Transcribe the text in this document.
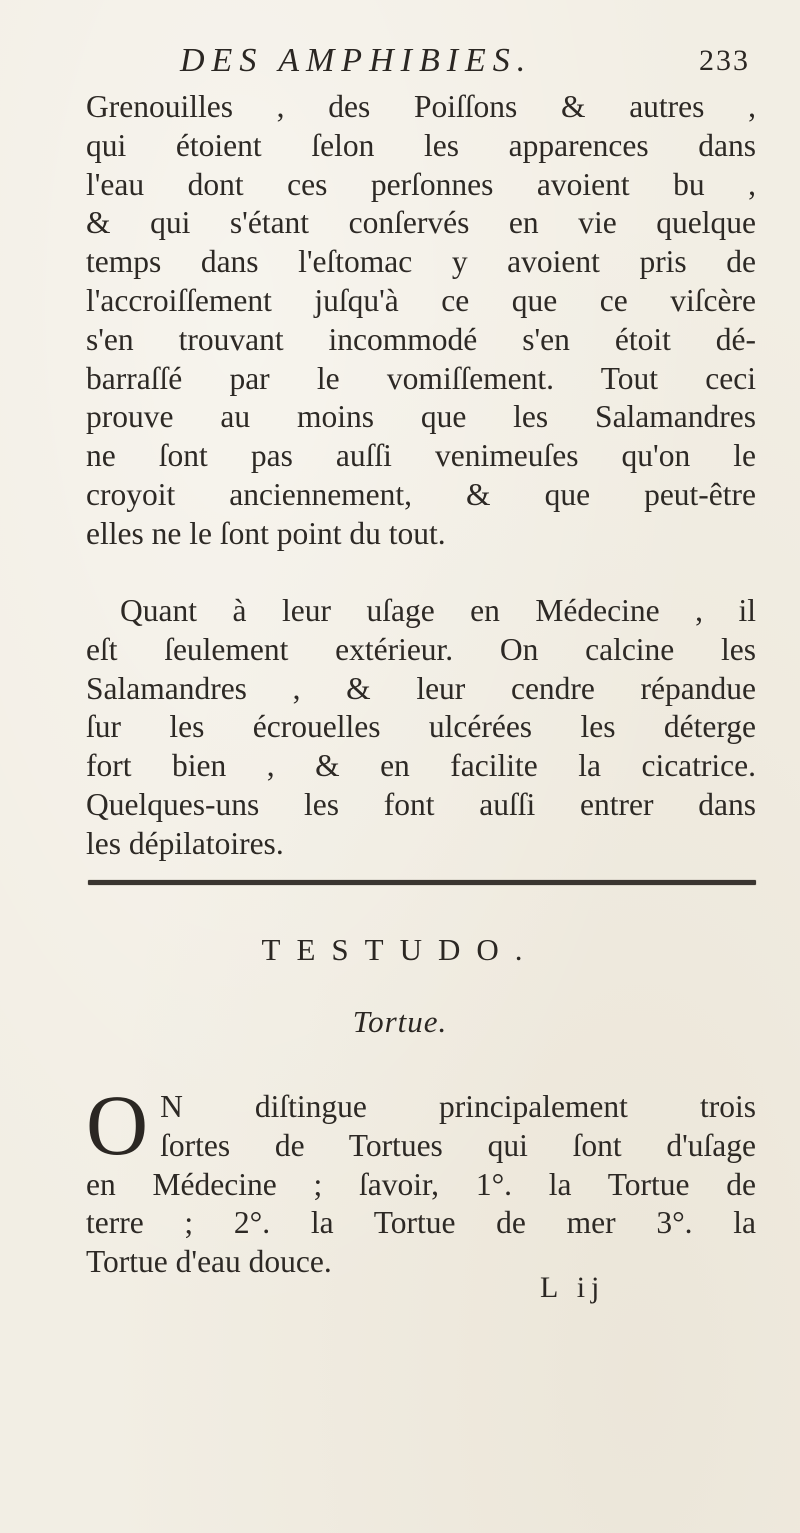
DES AMPHIBIES.	233
Grenouilles , des Poiſſons & autres ,
qui étoient ſelon les apparences dans
l'eau dont ces perſonnes avoient bu ,
& qui s'étant conſervés en vie quelque
temps dans l'eſtomac y avoient pris de
l'accroiſſement juſqu'à ce que ce viſcère
s'en trouvant incommodé s'en étoit dé-
barraſſé par le vomiſſement. Tout ceci
prouve au moins que les Salamandres
ne ſont pas auſſi venimeuſes qu'on le
croyoit anciennement, & que peut-être
elles ne le ſont point du tout.
Quant à leur uſage en Médecine , il
eſt ſeulement extérieur. On calcine les
Salamandres , & leur cendre répandue
ſur les écrouelles ulcérées les déterge
fort bien , & en facilite la cicatrice.
Quelques-uns les font auſſi entrer dans
les dépilatoires.
TESTUDO.
Tortue.
O N diſtingue principalement trois
ſortes de Tortues qui ſont d'uſage
en Médecine ; ſavoir, 1°. la Tortue de
terre ; 2°. la Tortue de mer 3°. la
Tortue d'eau douce.
L ij
